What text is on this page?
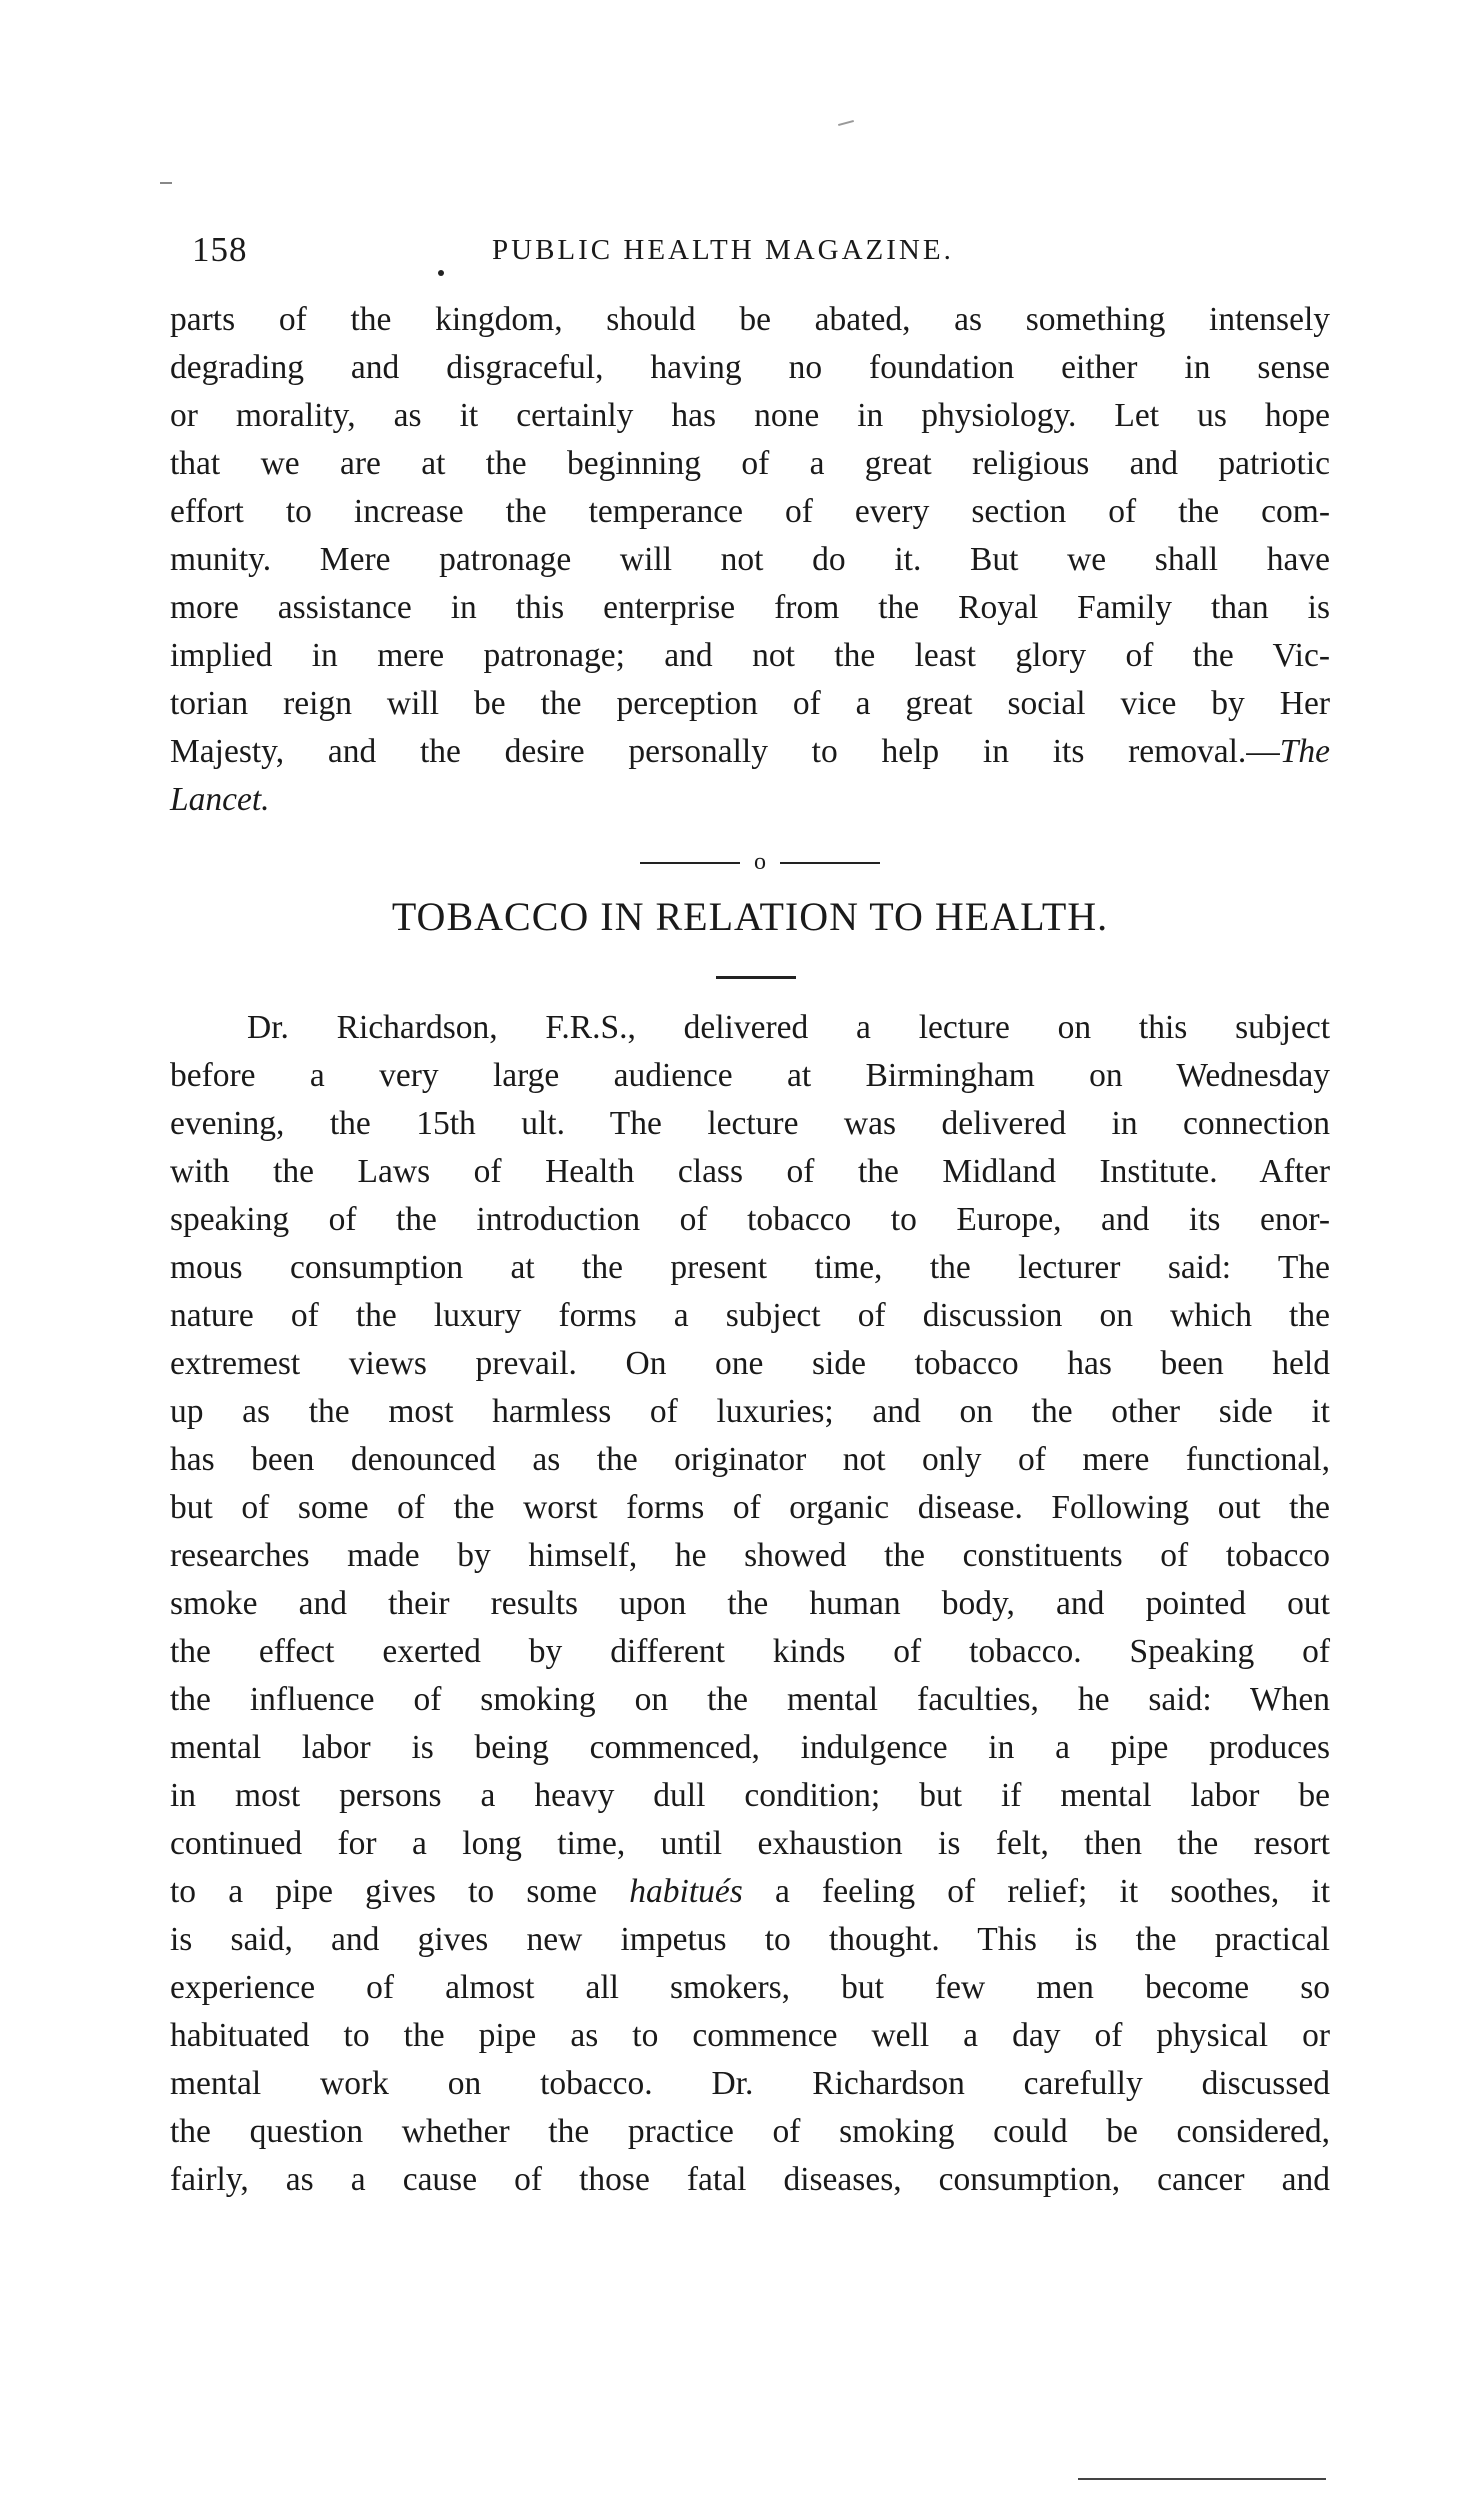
158	PUBLIC HEALTH MAGAZINE.
parts of the kingdom, should be abated, as something intensely
degrading and disgraceful, having no foundation either in sense
or morality, as it certainly has none in physiology. Let us hope
that we are at the beginning of a great religious and patriotic
effort to increase the temperance of every section of the com-
munity. Mere patronage will not do it. But we shall have
more assistance in this enterprise from the Royal Family than is
implied in mere patronage; and not the least glory of the Vic-
torian reign will be the perception of a great social vice by Her
Majesty, and the desire personally to help in its removal.—The
Lancet.
o
TOBACCO IN RELATION TO HEALTH.
Dr. Richardson, F.R.S., delivered a lecture on this subject
before a very large audience at Birmingham on Wednesday
evening, the 15th ult. The lecture was delivered in connection
with the Laws of Health class of the Midland Institute. After
speaking of the introduction of tobacco to Europe, and its enor-
mous consumption at the present time, the lecturer said: The
nature of the luxury forms a subject of discussion on which the
extremest views prevail. On one side tobacco has been held
up as the most harmless of luxuries; and on the other side it
has been denounced as the originator not only of mere functional,
but of some of the worst forms of organic disease. Following out the
researches made by himself, he showed the constituents of tobacco
smoke and their results upon the human body, and pointed out
the effect exerted by different kinds of tobacco. Speaking of
the influence of smoking on the mental faculties, he said: When
mental labor is being commenced, indulgence in a pipe produces
in most persons a heavy dull condition; but if mental labor be
continued for a long time, until exhaustion is felt, then the resort
to a pipe gives to some habitués a feeling of relief; it soothes, it
is said, and gives new impetus to thought. This is the practical
experience of almost all smokers, but few men become so
habituated to the pipe as to commence well a day of physical or
mental work on tobacco. Dr. Richardson carefully discussed
the question whether the practice of smoking could be considered,
fairly, as a cause of those fatal diseases, consumption, cancer and
